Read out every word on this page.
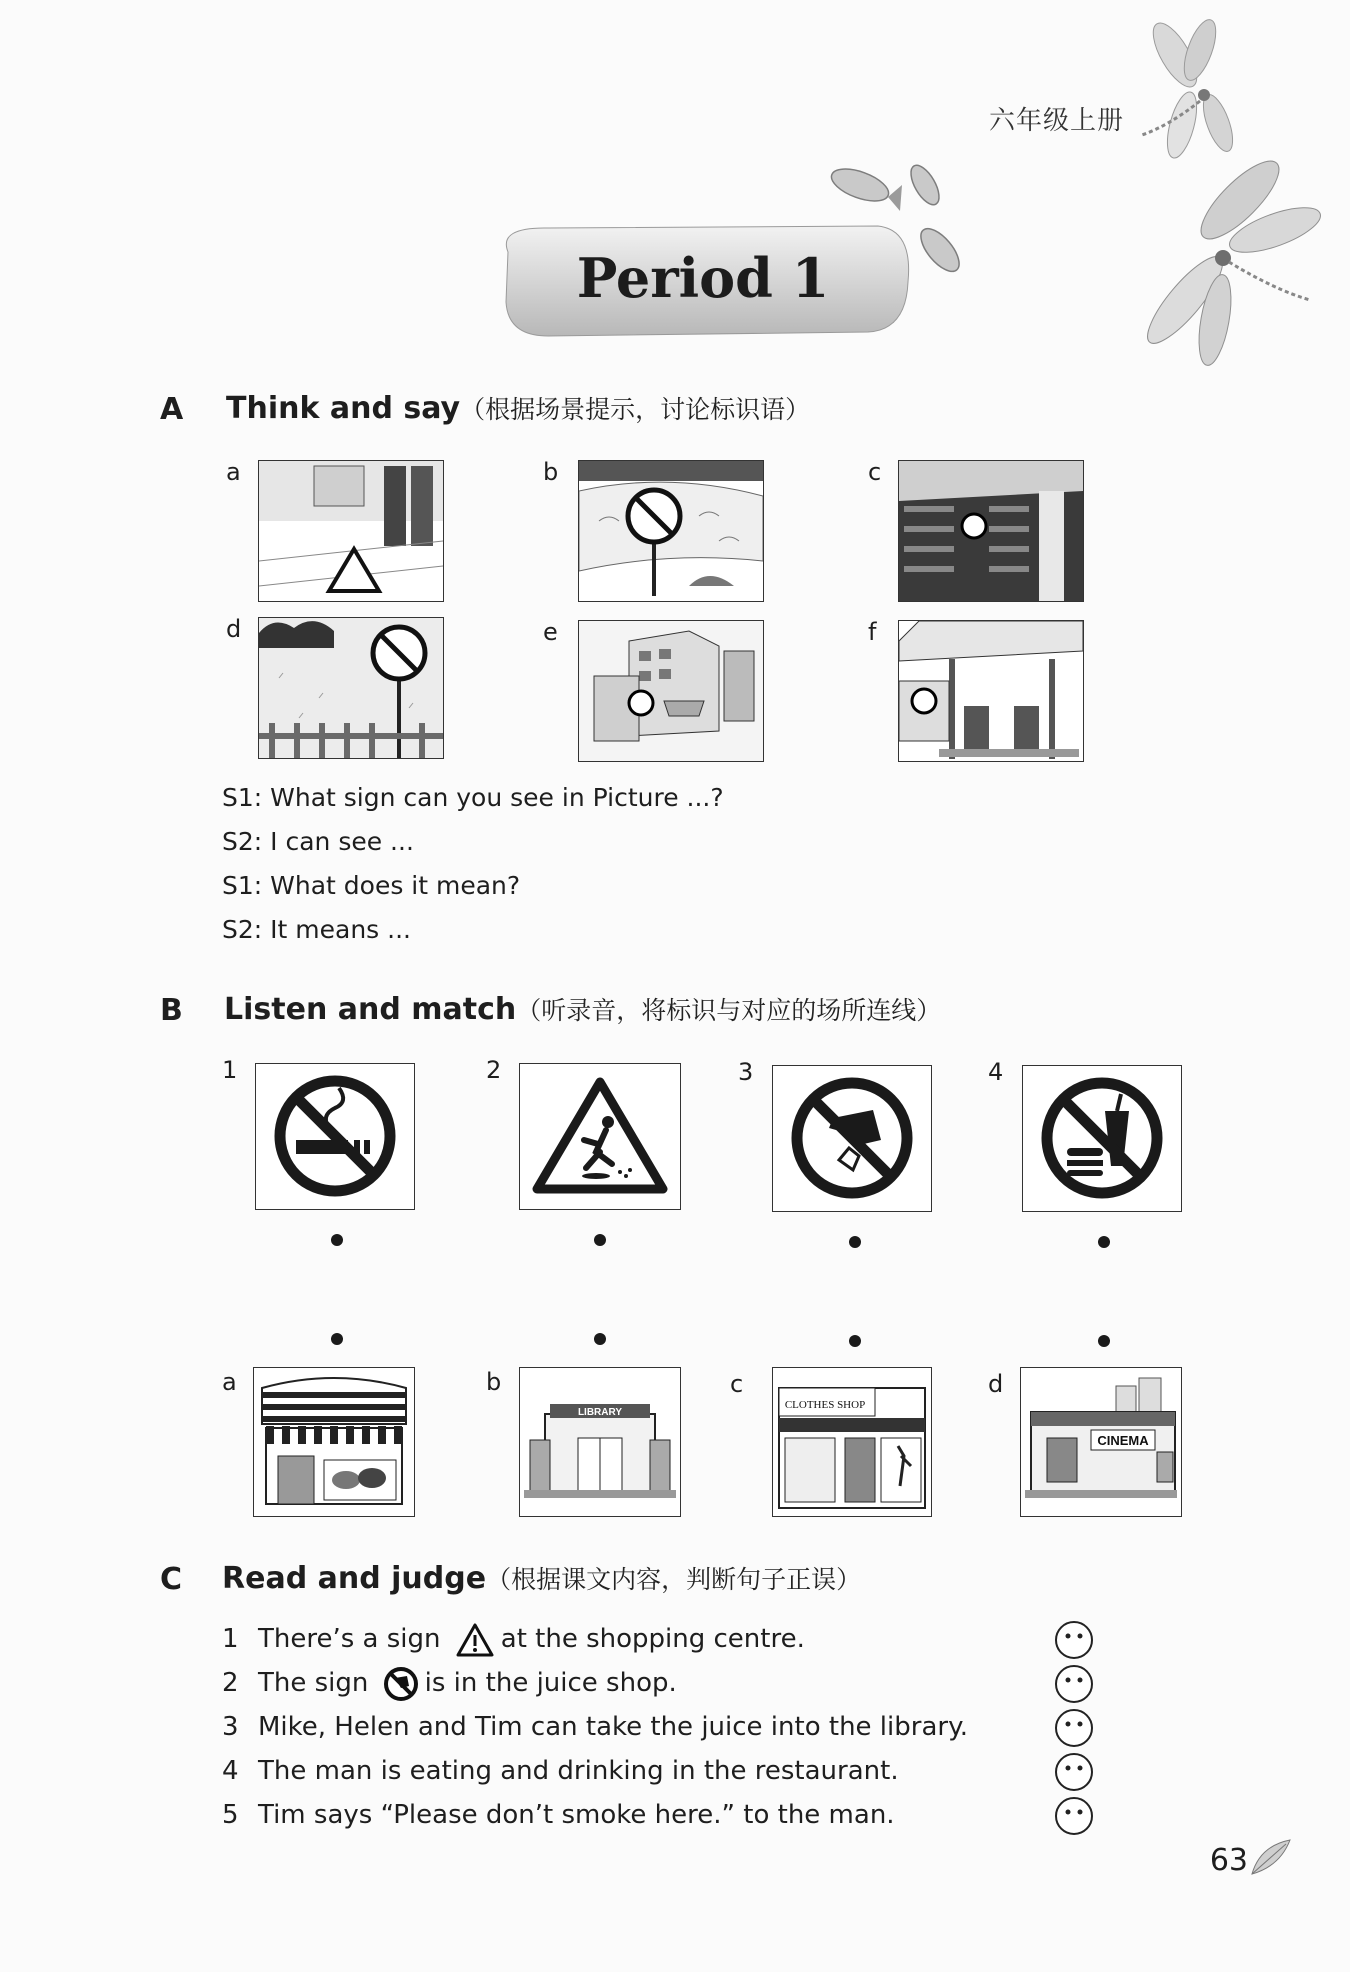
六年级上册
Period 1
A Think and say（根据场景提示，讨论标识语）
a	b	c
d	e	f
S1: What sign can you see in Picture ...?
S2: I can see ...
S1: What does it mean?
S2: It means ...
B Listen and match（听录音，将标识与对应的场所连线）
1	2	3	4
a	b	c	d
LIBRARY
CLOTHES SHOP
CINEMA
C Read and judge（根据课文内容，判断句子正误）
1 There’s a sign at the shopping centre.
2 The sign is in the juice shop.
3 Mike, Helen and Tim can take the juice into the library.
4 The man is eating and drinking in the restaurant.
5 Tim says “Please don’t smoke here.” to the man.
63
